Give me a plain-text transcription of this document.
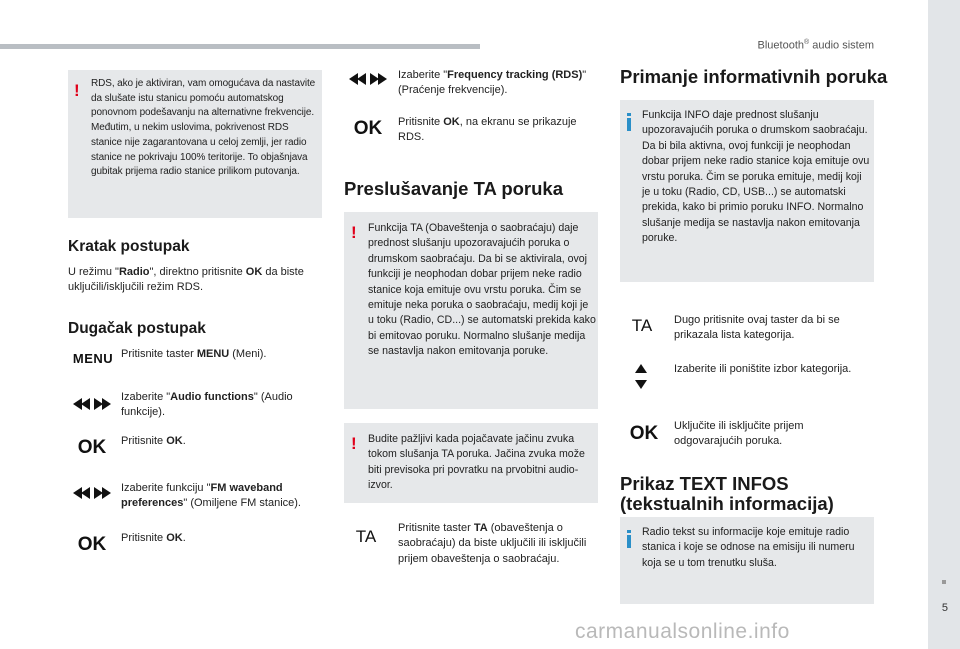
Bluetooth® audio sistem
5
carmanualsonline.info
! RDS, ako je aktiviran, vam omogućava da nastavite da slušate istu stanicu pomoću automatskog ponovnom podešavanju na alternativne frekvencije. Međutim, u nekim uslovima, pokrivenost RDS stanice nije zagarantovana u celoj zemlji, jer radio stanice ne pokrivaju 100% teritorije. To objašnjava gubitak prijema radio stanice prilikom putovanja.

Kratak postupak
U režimu "Radio", direktno pritisnite OK da biste uključili/isključili režim RDS.
Dugačak postupak
MENU Pritisnite taster MENU (Meni).
Izaberite "Audio functions" (Audio funkcije).
OK	Pritisnite OK.
Izaberite funkciju "FM waveband preferences" (Omiljene FM stanice).
OK	Pritisnite OK.
Izaberite "Frequency tracking (RDS)" (Praćenje frekvencije).
OK	Pritisnite OK, na ekranu se prikazuje RDS.
Preslušavanje TA poruka
! Funkcija TA (Obaveštenja o saobraćaju) daje prednost slušanju upozoravajućih poruka o drumskom saobraćaju. Da bi se aktivirala, ovoj funkciji je neophodan dobar prijem neke radio stanice koja emituje ovu vrstu poruka. Čim se emituje neka poruka o saobraćaju, medij koji je u toku (Radio, CD...) se automatski prekida kako bi emitovao poruku. Normalno slušanje medija se nastavlja nakon emitovanja poruke.

! Budite pažljivi kada pojačavate jačinu zvuka tokom slušanja TA poruka. Jačina zvuka može biti previsoka pri povratku na prvobitni audio-izvor.

TA	Pritisnite taster TA (obaveštenja o saobraćaju) da biste uključili ili isključili prijem obaveštenja o saobraćaju.
Primanje informativnih poruka

Funkcija INFO daje prednost slušanju upozoravajućih poruka o drumskom saobraćaju. Da bi bila aktivna, ovoj funkciji je neophodan dobar prijem neke radio stanice koja emituje ovu vrstu poruka. Čim se poruka emituje, medij koji je u toku (Radio, CD, USB...) se automatski prekida, kako bi primio poruku INFO. Normalno slušanje medija se nastavlja nakon emitovanja poruke.

TA	Dugo pritisnite ovaj taster da bi se prikazala lista kategorija.
Izaberite ili poništite izbor kategorija.
OK	Uključite ili isključite prijem odgovarajućih poruka.
Prikaz TEXT INFOS
(tekstualnih informacija)

Radio tekst su informacije koje emituje radio stanica i koje se odnose na emisiju ili numeru koja se u tom trenutku sluša.
